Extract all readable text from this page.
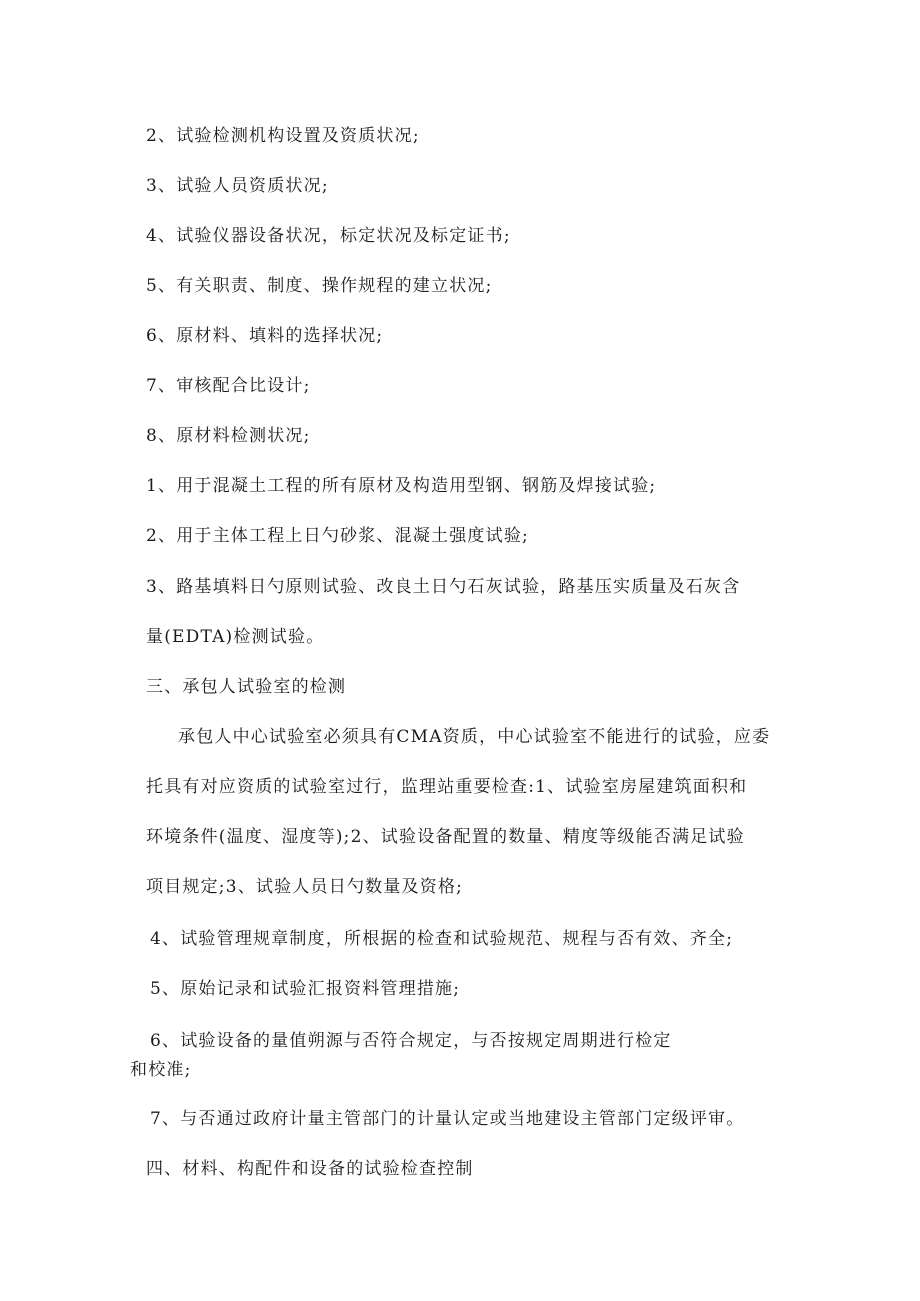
2、试验检测机构设置及资质状况;
3、试验人员资质状况;
4、试验仪器设备状况，标定状况及标定证书;
5、有关职责、制度、操作规程的建立状况;
6、原材料、填料的选择状况;
7、审核配合比设计;
8、原材料检测状况;
1、用于混凝土工程的所有原材及构造用型钢、钢筋及焊接试验;
2、用于主体工程上日勺砂浆、混凝土强度试验;
3、路基填料日勺原则试验、改良土日勺石灰试验，路基压实质量及石灰含
量(EDTA)检测试验。
三、承包人试验室的检测
承包人中心试验室必须具有CMA资质，中心试验室不能进行的试验，应委
托具有对应资质的试验室过行，监理站重要检查:1、试验室房屋建筑面积和
环境条件(温度、湿度等);2、试验设备配置的数量、精度等级能否满足试验
项目规定;3、试验人员日勺数量及资格;
4、试验管理规章制度，所根据的检查和试验规范、规程与否有效、齐全;
5、原始记录和试验汇报资料管理措施;
6、试验设备的量值朔源与否符合规定，与否按规定周期进行检定
和校准;
7、与否通过政府计量主管部门的计量认定或当地建设主管部门定级评审。
四、材料、构配件和设备的试验检查控制
